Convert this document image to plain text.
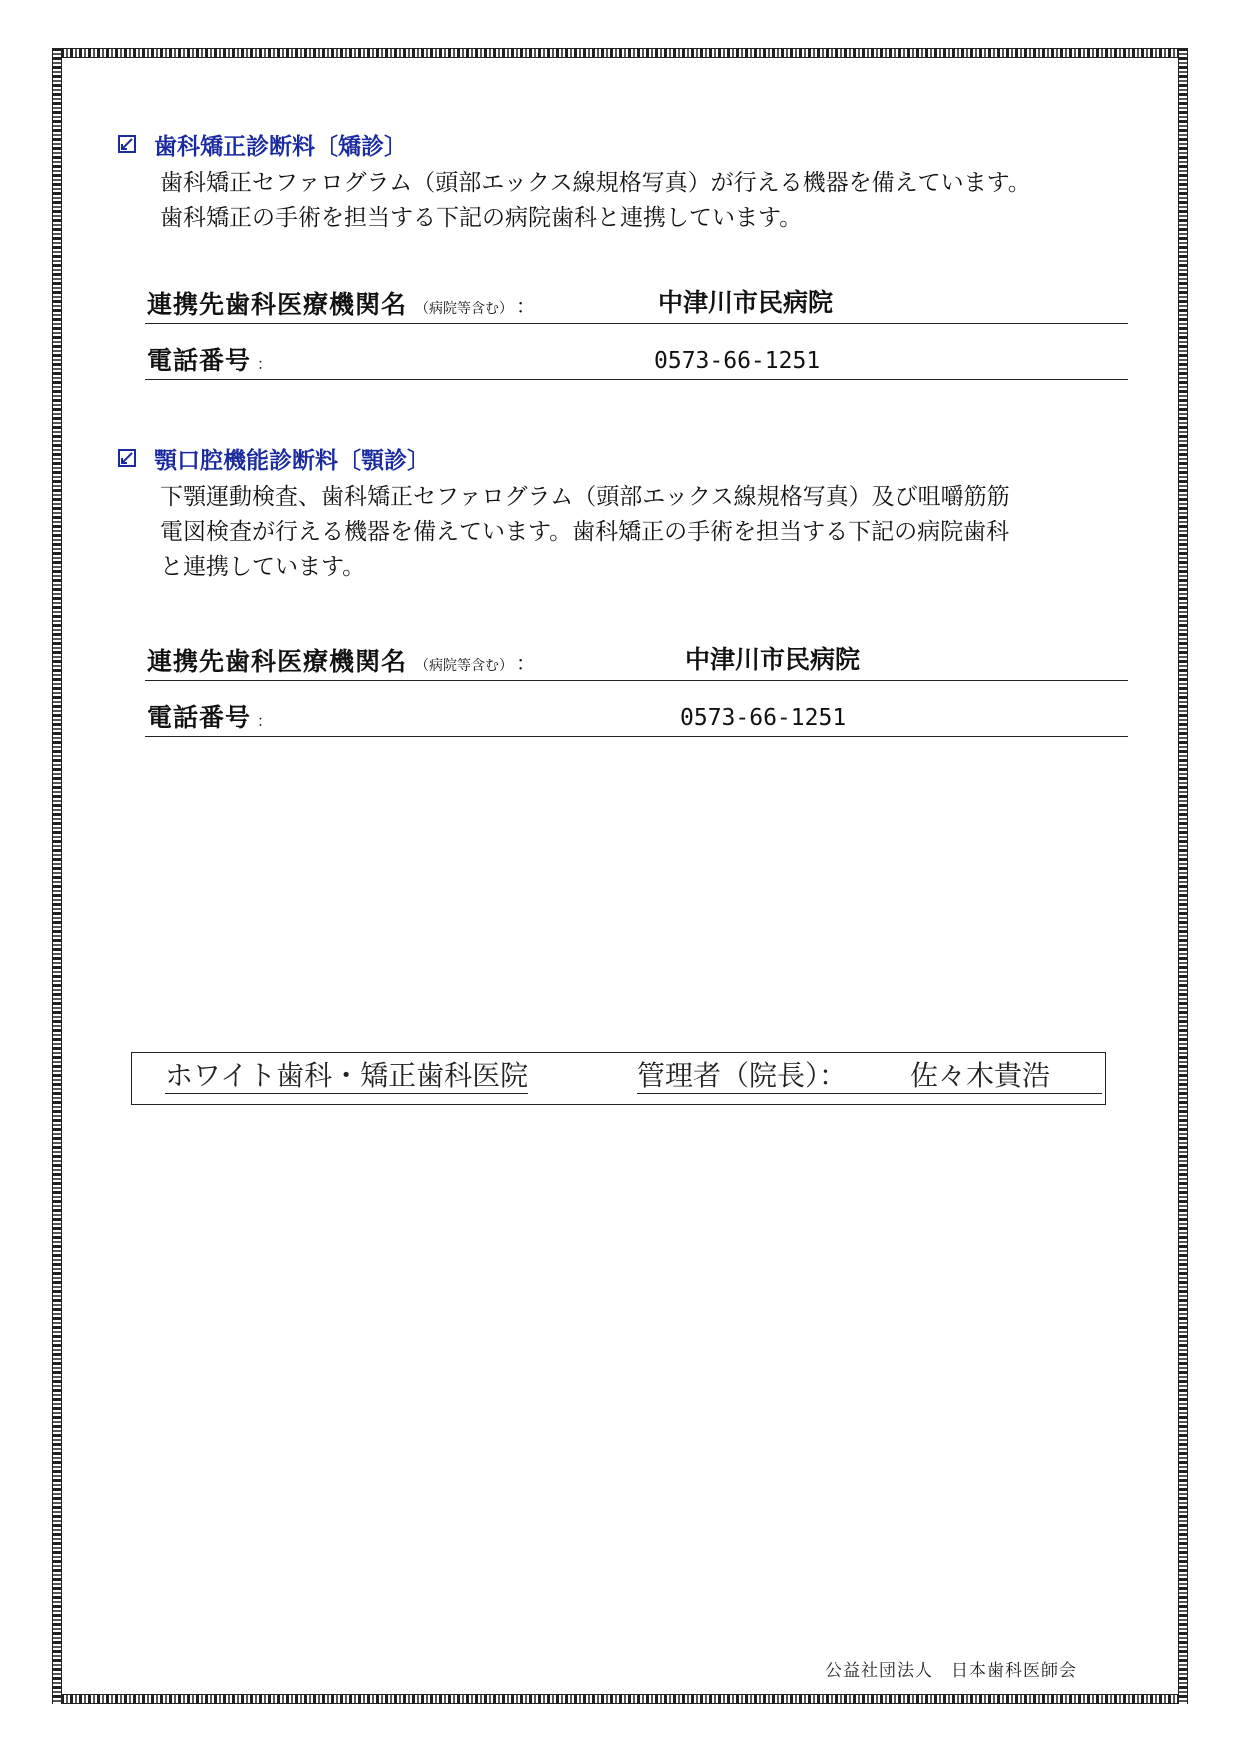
歯科矯正診断料〔矯診〕

歯科矯正セファログラム（頭部エックス線規格写真）が行える機器を備えています。

歯科矯正の手術を担当する下記の病院歯科と連携しています。

連携先歯科医療機関名 （病院等含む） ：	中津川市民病院
電話番号 ：	0573-66-1251
顎口腔機能診断料〔顎診〕

下顎運動検査、歯科矯正セファログラム（頭部エックス線規格写真）及び咀嚼筋筋

電図検査が行える機器を備えています。歯科矯正の手術を担当する下記の病院歯科

と連携しています。

連携先歯科医療機関名 （病院等含む） ：	中津川市民病院
電話番号 ：	0573-66-1251
ホワイト歯科・矯正歯科医院	管理者（院長）： 佐々木貴浩
公益社団法人　日本歯科医師会
